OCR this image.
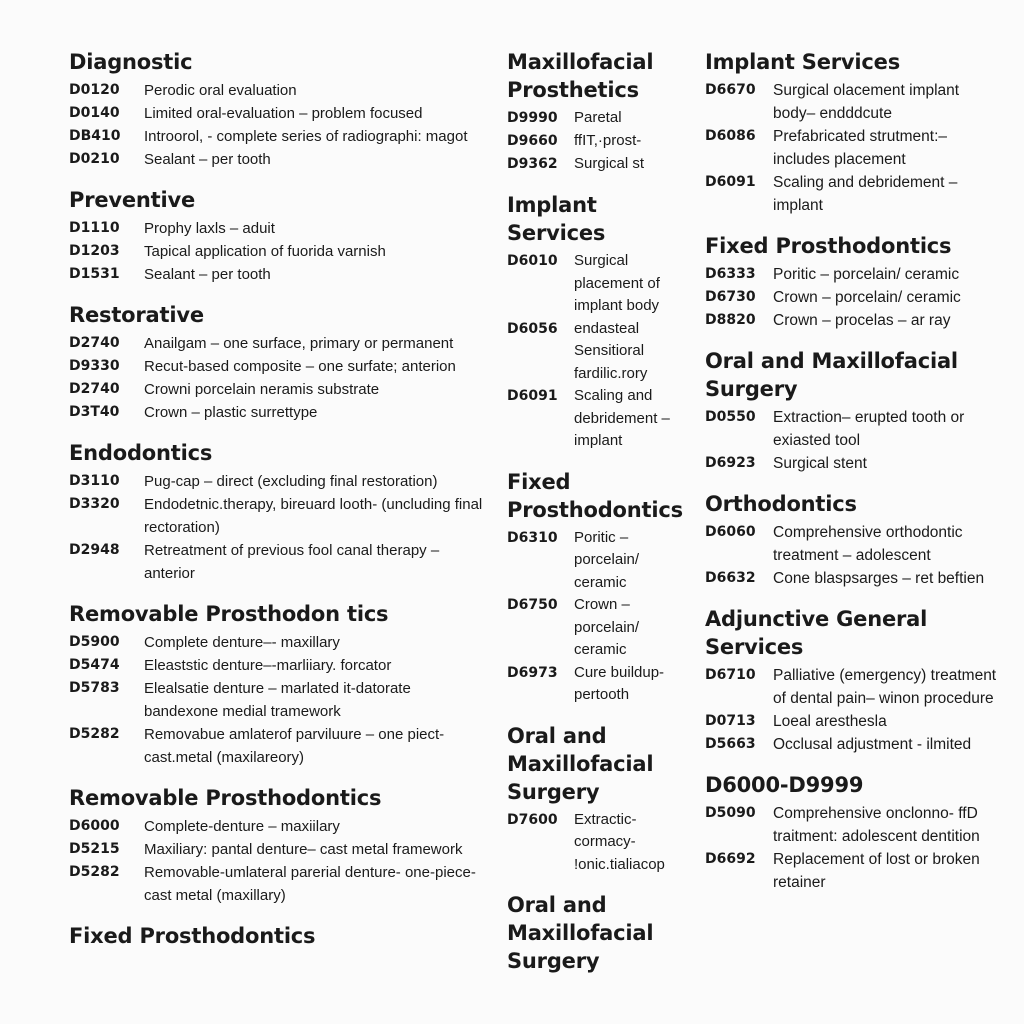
Diagnostic
D0120	Perodic oral evaluation
D0140	Limited oral-evaluation – problem focused
DB410	Introorol, - complete series of radiographi: magot
D0210	Sealant – per tooth
Preventive
D1110	Prophy laxls – aduit
D1203	Tapical application of fuorida varnish
D1531	Sealant – per tooth
Restorative
D2740	Anailgam – one surface, primary or permanent
D9330	Recut-based composite – one surfate; anterion
D2740	Crowni porcelain neramis substrate
D3T40	Crown – plastic surrettype
Endodontics
D3110	Pug-cap – direct (excluding final restoration)
D3320	Endodetnic.therapy, bireuard looth- (uncluding final rectoration)
D2948	Retreatment of previous fool canal therapy – anterior
Removable Prosthodon tics
D5900	Complete denture–- maxillary
D5474	Eleaststic denture–-marliiary. forcator
D5783	Elealsatie denture – marlated it-datorate bandexone medial tramework
D5282	Removabue amlaterof parviluure – one piect-cast.metal (maxilareory)
Removable Prosthodontics
D6000	Complete-denture – maxiilary
D5215	Maxiliary: pantal denture– cast metal framework
D5282	Removable-umlateral parerial denture- one-piece-cast metal (maxillary)
Fixed Prosthodontics
Maxillofacial Prosthetics
D9990	Paretal
D9660	ffIT,·prost-
D9362	Surgical st
Implant Services
D6010	Surgical placement of implant body
D6056	endasteal Sensitioral fardilic.rory
D6091	Scaling and debridement – implant
Fixed Prosthodontics
D6310	Poritic – porcelain/ ceramic
D6750	Crown – porcelain/ ceramic
D6973	Cure buildup- pertooth
Oral and Maxillofacial Surgery
D7600	Extractic- cormacy- !onic.tialiacop
Oral and Maxillofacial Surgery
Implant Services
D6670	Surgical olacement implant body– endddcute
D6086	Prefabricated strutment:– includes placement
D6091	Scaling and debridement – implant
Fixed Prosthodontics
D6333	Poritic – porcelain/ ceramic
D6730	Crown – porcelain/ ceramic
D8820	Crown – procelas – ar ray
Oral and Maxillofacial Surgery
D0550	Extraction– erupted tooth or exiasted tool
D6923	Surgical stent
Orthodontics
D6060	Comprehensive orthodontic treatment – adolescent
D6632	Cone blaspsarges – ret beftien
Adjunctive General Services
D6710	Palliative (emergency) treatment of dental pain– winon procedure
D0713	Loeal aresthesla
D5663	Occlusal adjustment - ilmited
D6000-D9999
D5090	Comprehensive onclonno- ffD traitment: adolescent dentition
D6692	Replacement of lost or broken retainer
